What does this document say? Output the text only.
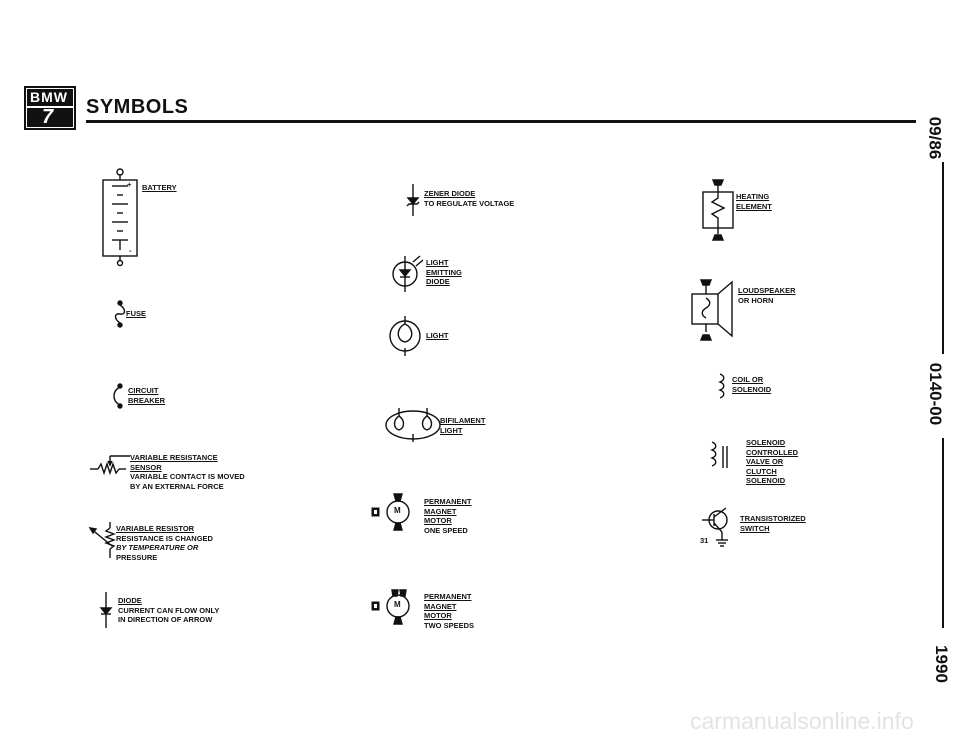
BMW
7 SYMBOLS
09/86
0140-00
1990
+
-
BATTERY
FUSE
CIRCUIT
BREAKER
VARIABLE RESISTANCE
SENSOR
VARIABLE CONTACT IS MOVED
BY AN EXTERNAL FORCE
VARIABLE RESISTOR
RESISTANCE IS CHANGED
BY TEMPERATURE OR
PRESSURE
DIODE
CURRENT CAN FLOW ONLY
IN DIRECTION OF ARROW
ZENER DIODE
TO REGULATE VOLTAGE
LIGHT
EMITTING
DIODE
LIGHT
BIFILAMENT
LIGHT
M
PERMANENT
MAGNET
MOTOR
ONE SPEED
M
PERMANENT
MAGNET
MOTOR
TWO SPEEDS
HEATING
ELEMENT
LOUDSPEAKER
OR HORN
COIL OR
SOLENOID
SOLENOID
CONTROLLED
VALVE OR
CLUTCH
SOLENOID
31
TRANSISTORIZED
SWITCH
carmanualsonline.info
